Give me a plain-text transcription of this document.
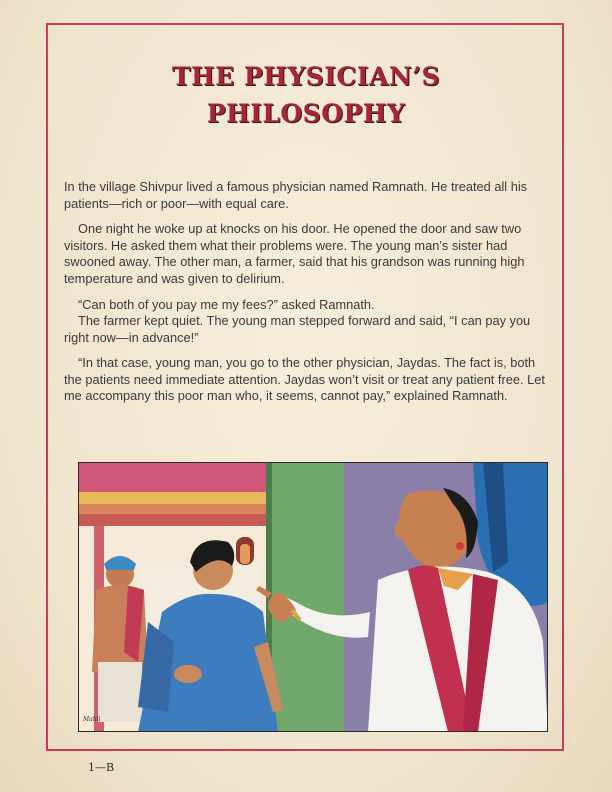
THE PHYSICIAN’S
PHILOSOPHY

In the village Shivpur lived a famous physician named Ramnath. He treated all his patients—rich or poor—with equal care.

One night he woke up at knocks on his door. He opened the door and saw two visitors. He asked them what their problems were. The young man’s sister had swooned away. The other man, a farmer, said that his grandson was running high temperature and was given to delirium.

“Can both of you pay me my fees?” asked Ramnath.

The farmer kept quiet. The young man stepped forward and said, “I can pay you right now—in advance!”

“In that case, young man, you go to the other physician, Jaydas. The fact is, both the patients need immediate attention. Jaydas won’t visit or treat any patient free. Let me accompany this poor man who, it seems, cannot pay,” explained Ramnath.

Mahli
1—B
